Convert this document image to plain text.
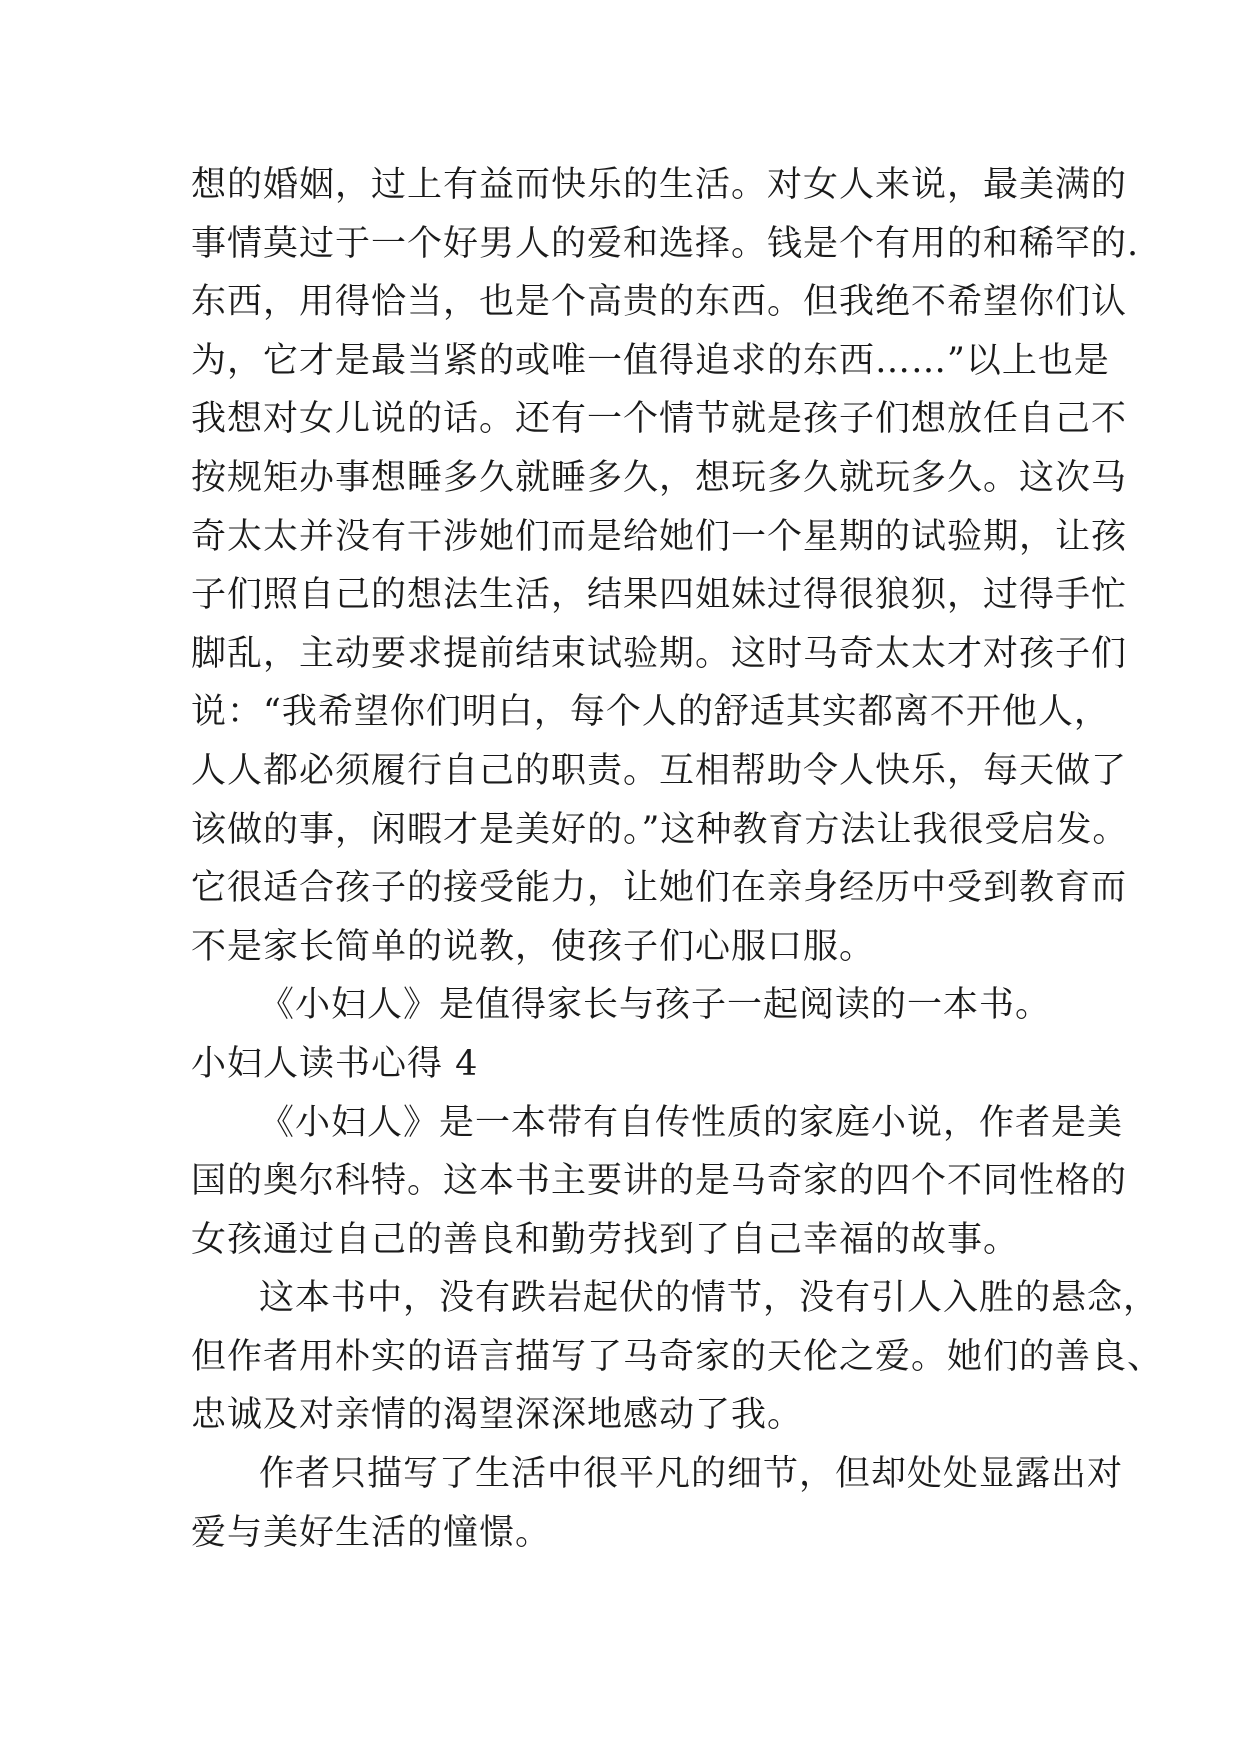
想的婚姻，过上有益而快乐的生活。对女人来说，最美满的
事情莫过于一个好男人的爱和选择。钱是个有用的和稀罕的.
东西，用得恰当，也是个高贵的东西。但我绝不希望你们认
为，它才是最当紧的或唯一值得追求的东西……”以上也是
我想对女儿说的话。还有一个情节就是孩子们想放任自己不
按规矩办事想睡多久就睡多久，想玩多久就玩多久。这次马
奇太太并没有干涉她们而是给她们一个星期的试验期，让孩
子们照自己的想法生活，结果四姐妹过得很狼狈，过得手忙
脚乱，主动要求提前结束试验期。这时马奇太太才对孩子们
说：“我希望你们明白，每个人的舒适其实都离不开他人，
人人都必须履行自己的职责。互相帮助令人快乐，每天做了
该做的事，闲暇才是美好的。”这种教育方法让我很受启发。
它很适合孩子的接受能力，让她们在亲身经历中受到教育而
不是家长简单的说教，使孩子们心服口服。
《小妇人》是值得家长与孩子一起阅读的一本书。
小妇人读书心得 4
《小妇人》是一本带有自传性质的家庭小说，作者是美
国的奥尔科特。这本书主要讲的是马奇家的四个不同性格的
女孩通过自己的善良和勤劳找到了自己幸福的故事。
这本书中，没有跌岩起伏的情节，没有引人入胜的悬念，
但作者用朴实的语言描写了马奇家的天伦之爱。她们的善良、
忠诚及对亲情的渴望深深地感动了我。
作者只描写了生活中很平凡的细节，但却处处显露出对
爱与美好生活的憧憬。
